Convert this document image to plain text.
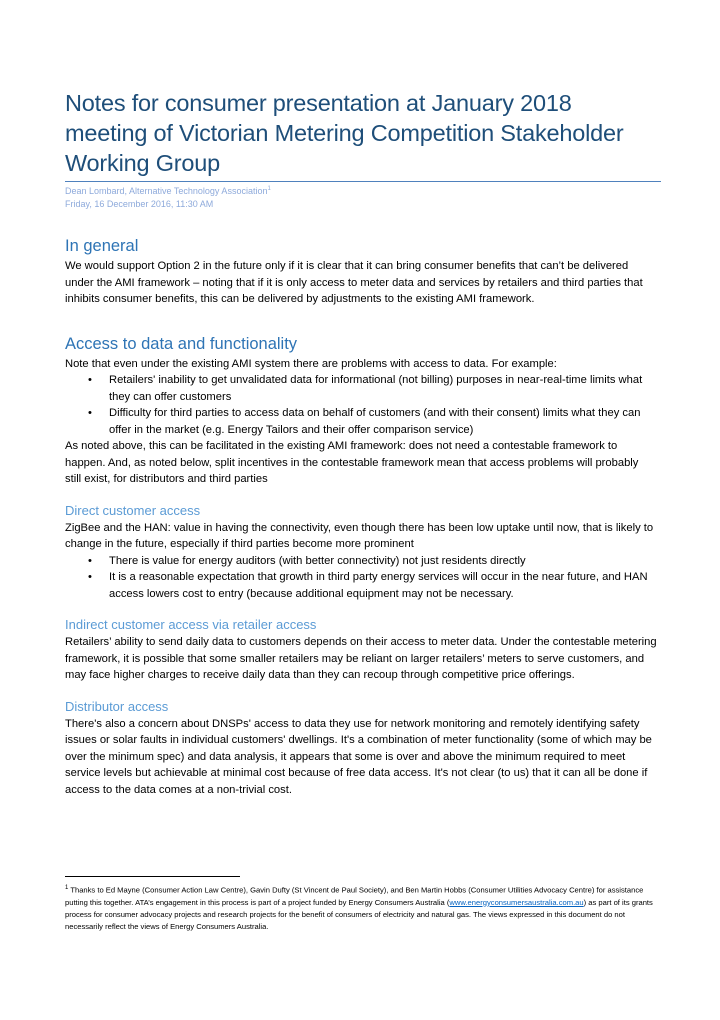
Notes for consumer presentation at January 2018 meeting of Victorian Metering Competition Stakeholder Working Group
Dean Lombard, Alternative Technology Association$^1$
Friday, 16 December 2016, 11:30 AM
In general

We would support Option 2 in the future only if it is clear that it can bring consumer benefits that can’t be delivered under the AMI framework – noting that if it is only access to meter data and services by retailers and third parties that inhibits consumer benefits, this can be delivered by adjustments to the existing AMI framework.

Access to data and functionality

Note that even under the existing AMI system there are problems with access to data. For example:

• Retailers' inability to get unvalidated data for informational (not billing) purposes in near-real-time limits what they can offer customers
• Difficulty for third parties to access data on behalf of customers (and with their consent) limits what they can offer in the market (e.g. Energy Tailors and their offer comparison service)

As noted above, this can be facilitated in the existing AMI framework: does not need a contestable framework to happen. And, as noted below, split incentives in the contestable framework mean that access problems will probably still exist, for distributors and third parties

Direct customer access

ZigBee and the HAN: value in having the connectivity, even though there has been low uptake until now, that is likely to change in the future, especially if third parties become more prominent

• There is value for energy auditors (with better connectivity) not just residents directly
• It is a reasonable expectation that growth in third party energy services will occur in the near future, and HAN access lowers cost to entry (because additional equipment may not be necessary.
Indirect customer access via retailer access

Retailers’ ability to send daily data to customers depends on their access to meter data. Under the contestable metering framework, it is possible that some smaller retailers may be reliant on larger retailers’ meters to serve customers, and may face higher charges to receive daily data than they can recoup through competitive price offerings.

Distributor access

There's also a concern about DNSPs' access to data they use for network monitoring and remotely identifying safety issues or solar faults in individual customers' dwellings. It's a combination of meter functionality (some of which may be over the minimum spec) and data analysis, it appears that some is over and above the minimum required to meet service levels but achievable at minimal cost because of free data access. It's not clear (to us) that it can all be done if access to the data comes at a non-trivial cost.

$^1$ Thanks to Ed Mayne (Consumer Action Law Centre), Gavin Dufty (St Vincent de Paul Society), and Ben Martin Hobbs (Consumer Utilities Advocacy Centre) for assistance putting this together. ATA’s engagement in this process is part of a project funded by Energy Consumers Australia (www.energyconsumersaustralia.com.au) as part of its grants process for consumer advocacy projects and research projects for the benefit of consumers of electricity and natural gas. The views expressed in this document do not necessarily reflect the views of Energy Consumers Australia.
